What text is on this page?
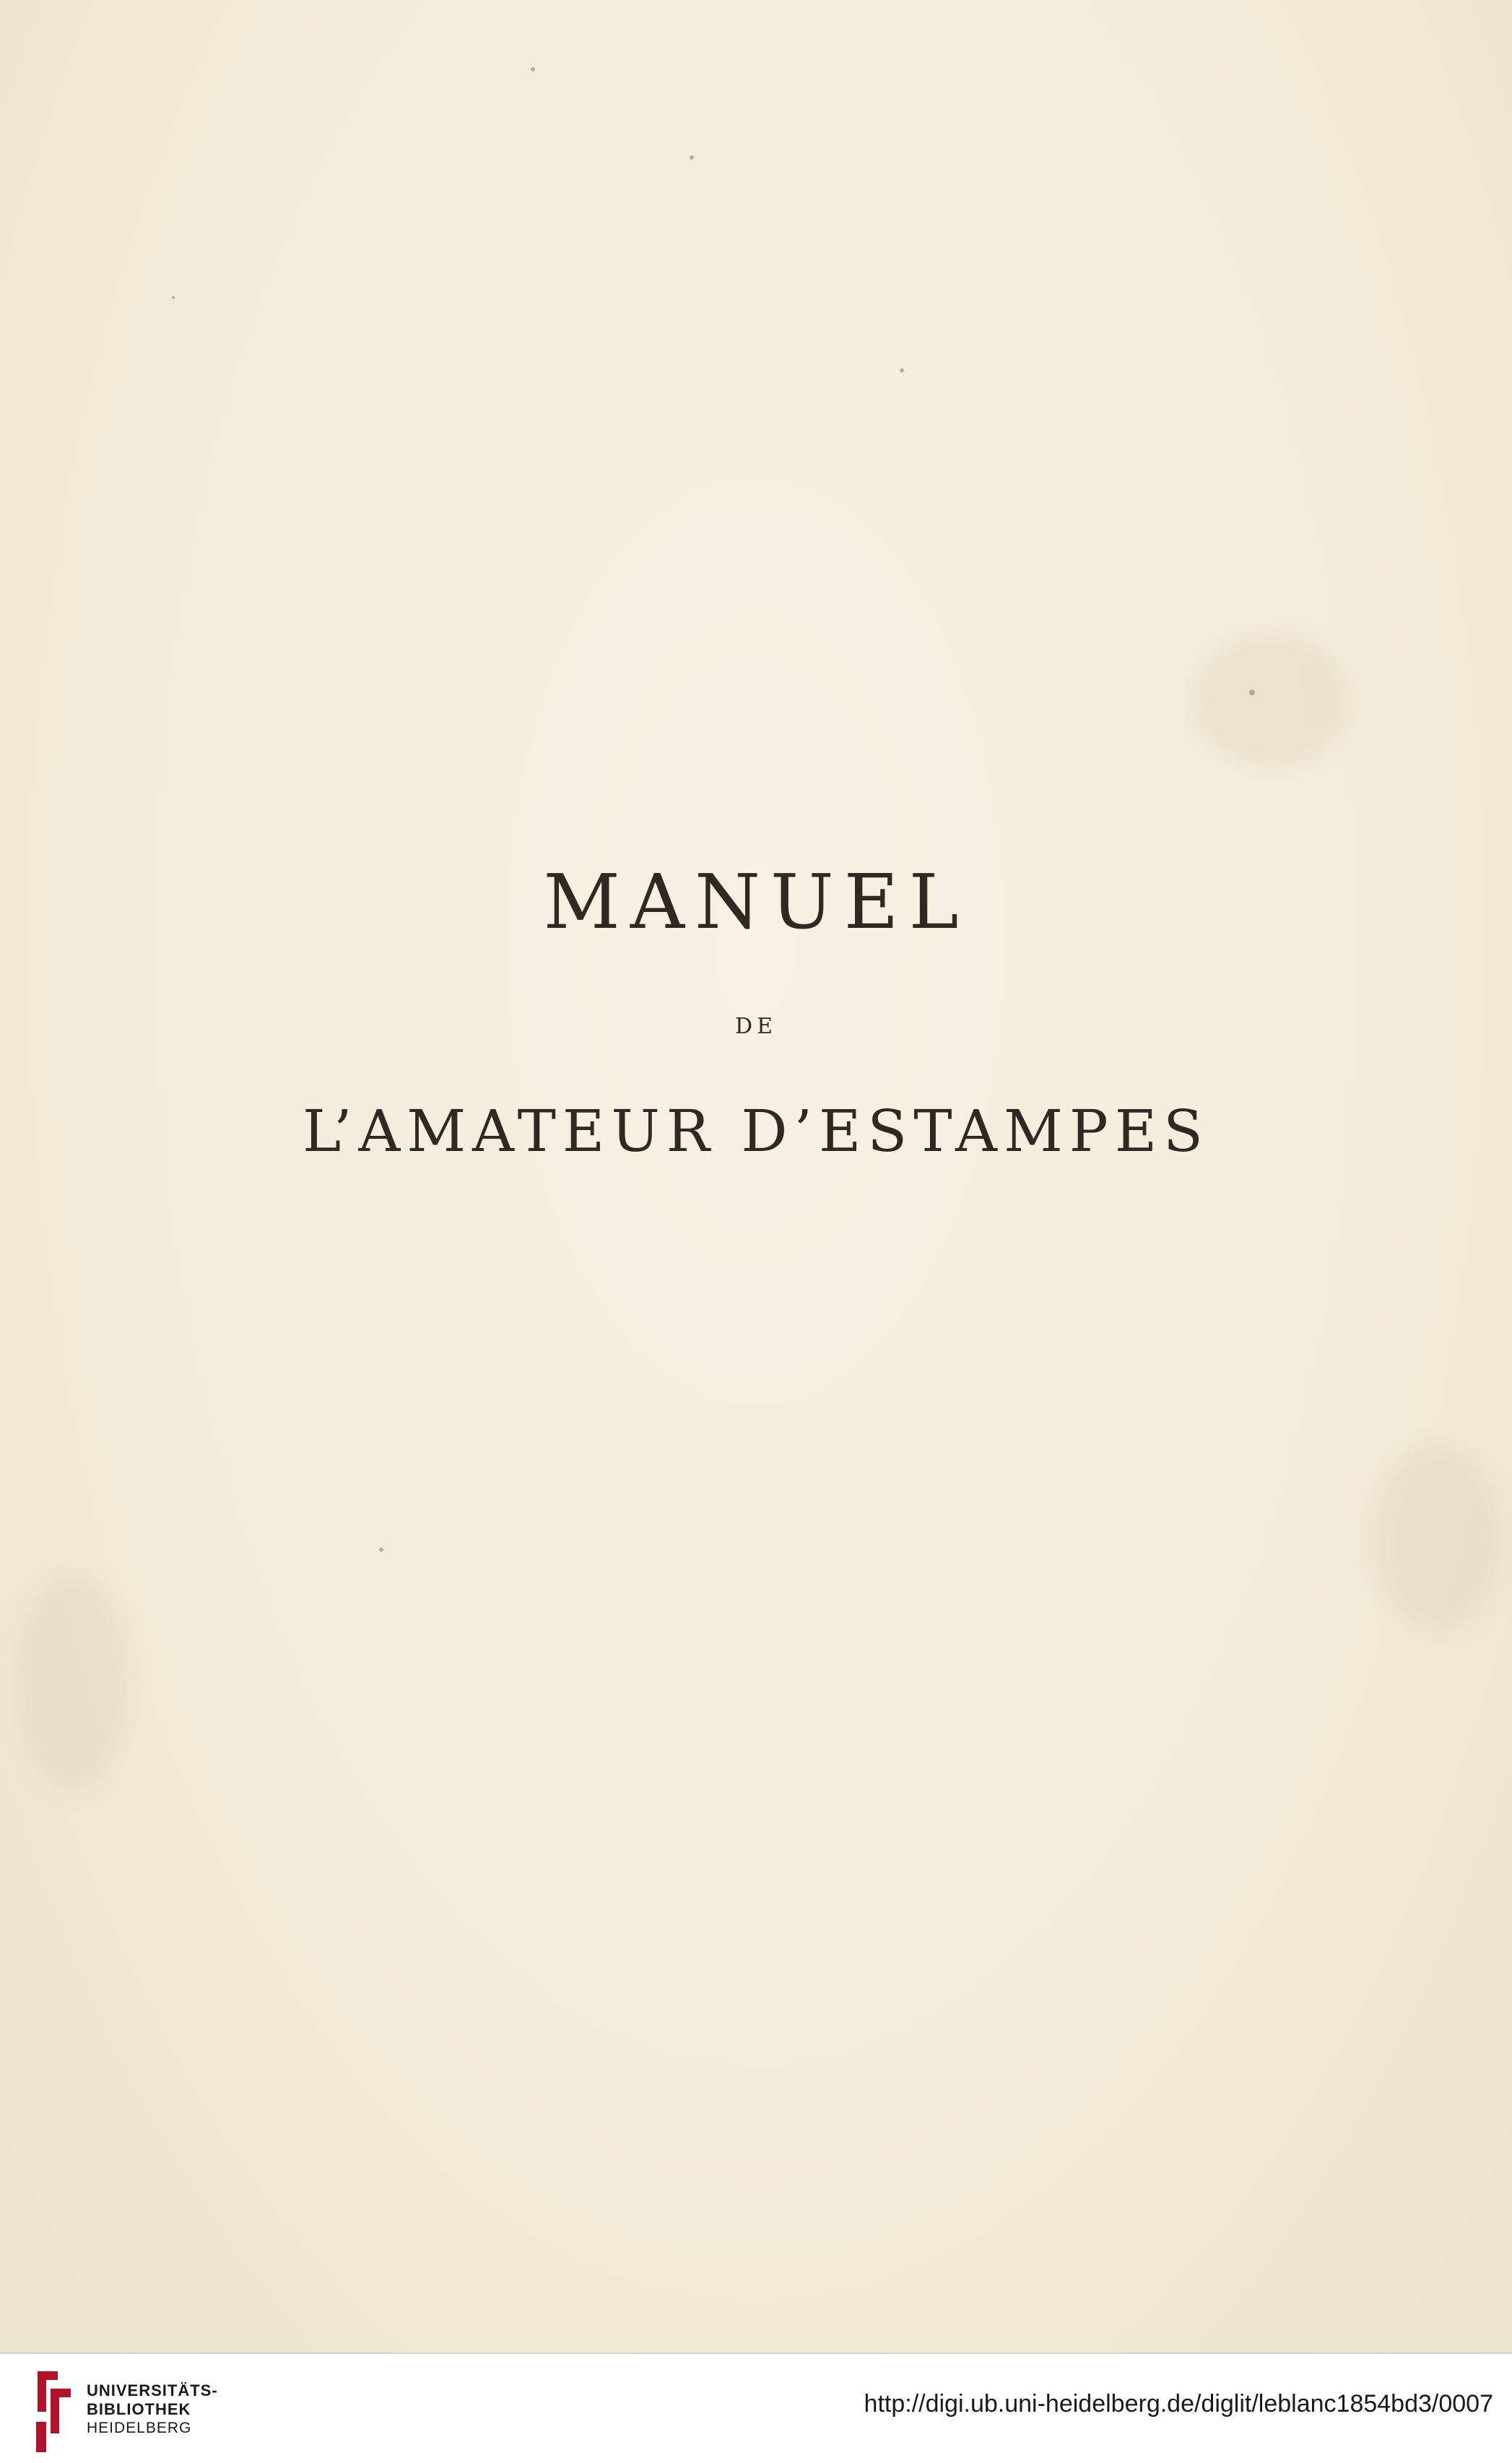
MANUEL
DE
L’AMATEUR D’ESTAMPES
UNIVERSITÄTS-
BIBLIOTHEK
HEIDELBERG
http://digi.ub.uni-heidelberg.de/diglit/leblanc1854bd3/0007
